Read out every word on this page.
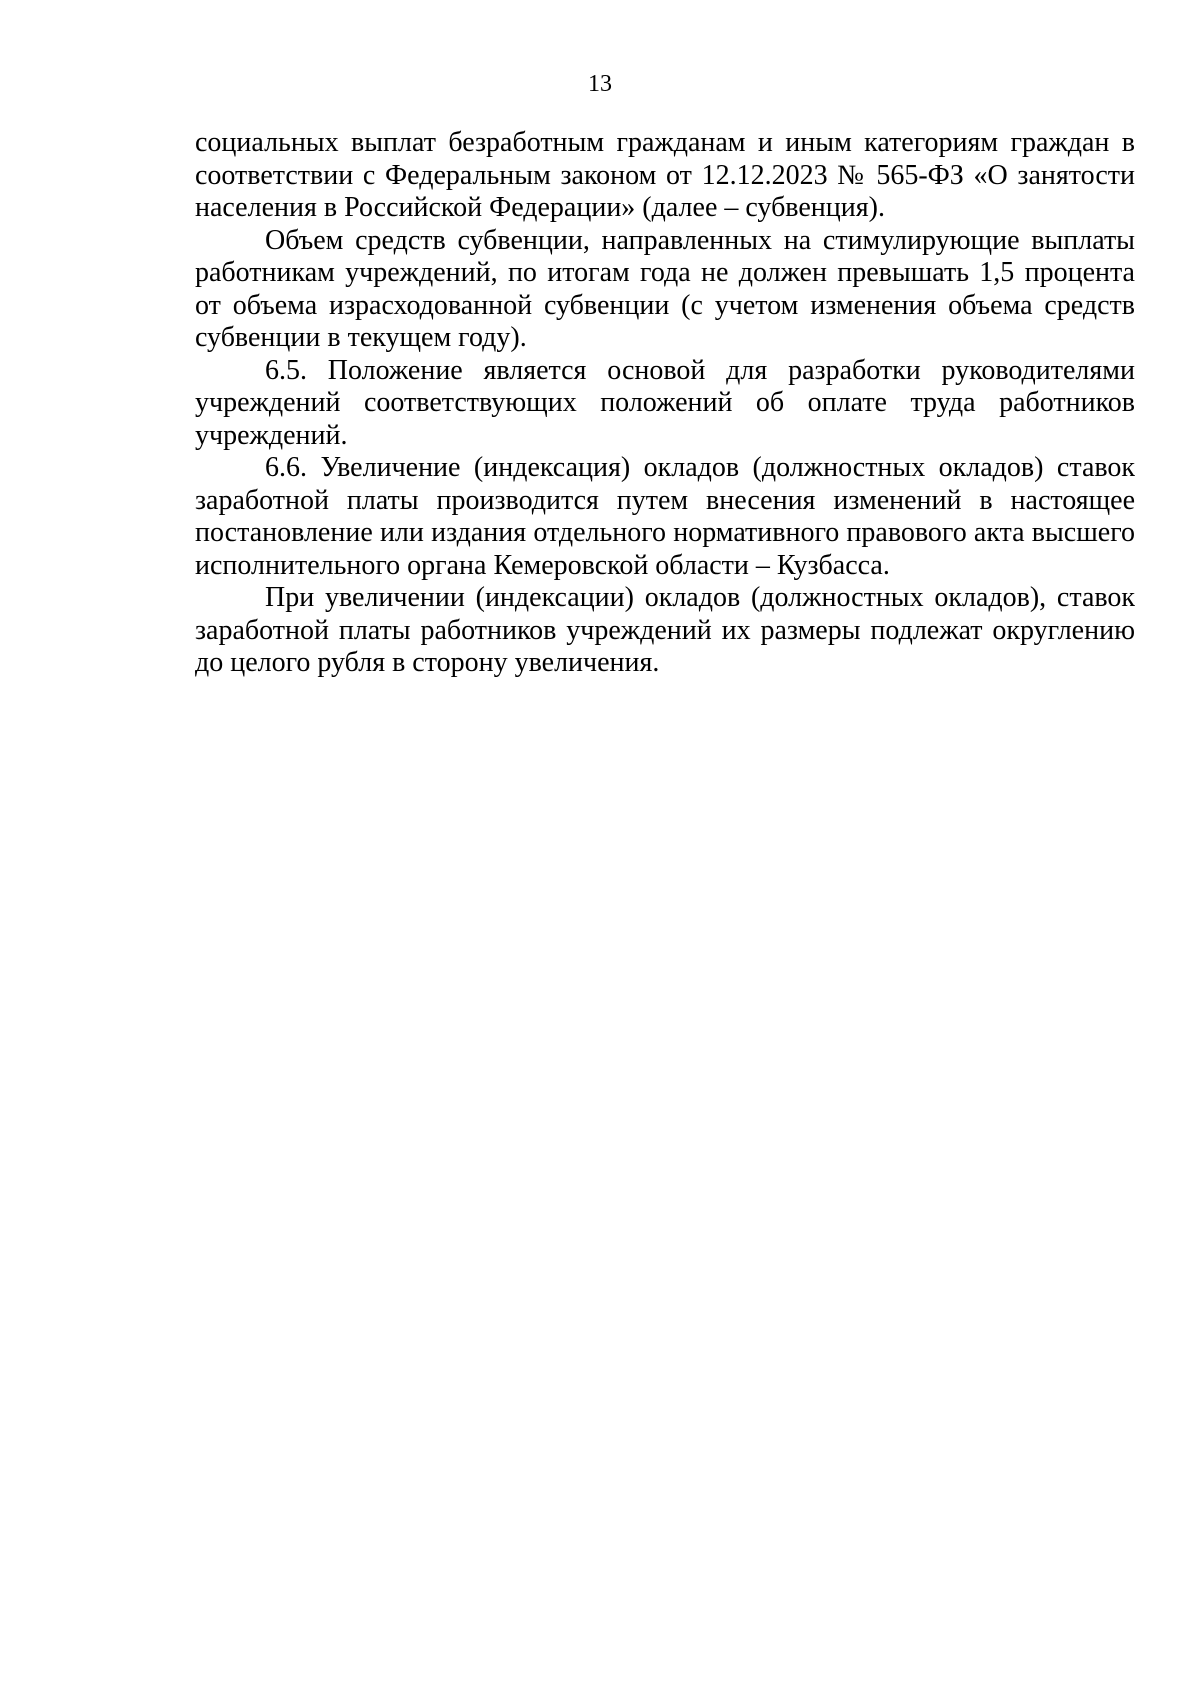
13

социальных выплат безработным гражданам и иным категориям граждан в соответствии с Федеральным законом от 12.12.2023 № 565-ФЗ «О занятости населения в Российской Федерации» (далее – субвенция).

Объем средств субвенции, направленных на стимулирующие выплаты работникам учреждений, по итогам года не должен превышать 1,5 процента от объема израсходованной субвенции (с учетом изменения объема средств субвенции в текущем году).

6.5. Положение является основой для разработки руководителями учреждений соответствующих положений об оплате труда работников учреждений.

6.6. Увеличение (индексация) окладов (должностных окладов) ставок заработной платы производится путем внесения изменений в настоящее постановление или издания отдельного нормативного правового акта высшего исполнительного органа Кемеровской области – Кузбасса.

При увеличении (индексации) окладов (должностных окладов), ставок заработной платы работников учреждений их размеры подлежат округлению до целого рубля в сторону увеличения.
